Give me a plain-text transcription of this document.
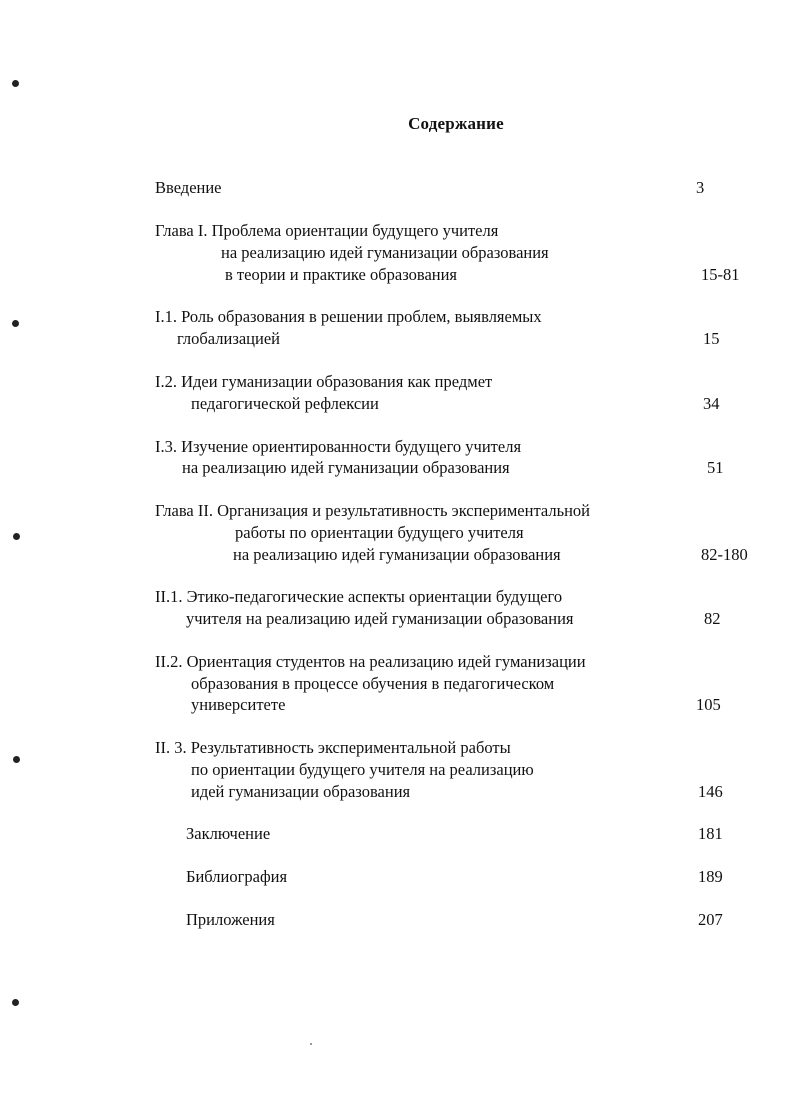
Содержание
Введение	3
Глава I. Проблема ориентации будущего учителя
на реализацию идей гуманизации образования
в теории и практике образования	15-81
I.1. Роль образования в решении проблем, выявляемых
глобализацией	15
I.2. Идеи гуманизации образования как предмет
педагогической рефлексии	34
I.3. Изучение ориентированности будущего учителя
на реализацию идей гуманизации образования	51
Глава II. Организация и результативность экспериментальной
работы по ориентации будущего учителя
на реализацию идей гуманизации образования	82-180
II.1. Этико-педагогические аспекты ориентации будущего
учителя на реализацию идей гуманизации образования	82
II.2. Ориентация студентов на реализацию идей гуманизации
образования в процессе обучения в педагогическом
университете	105
II. 3. Результативность экспериментальной работы
по ориентации будущего учителя на реализацию
идей гуманизации образования	146
Заключение	181
Библиография	189
Приложения	207
